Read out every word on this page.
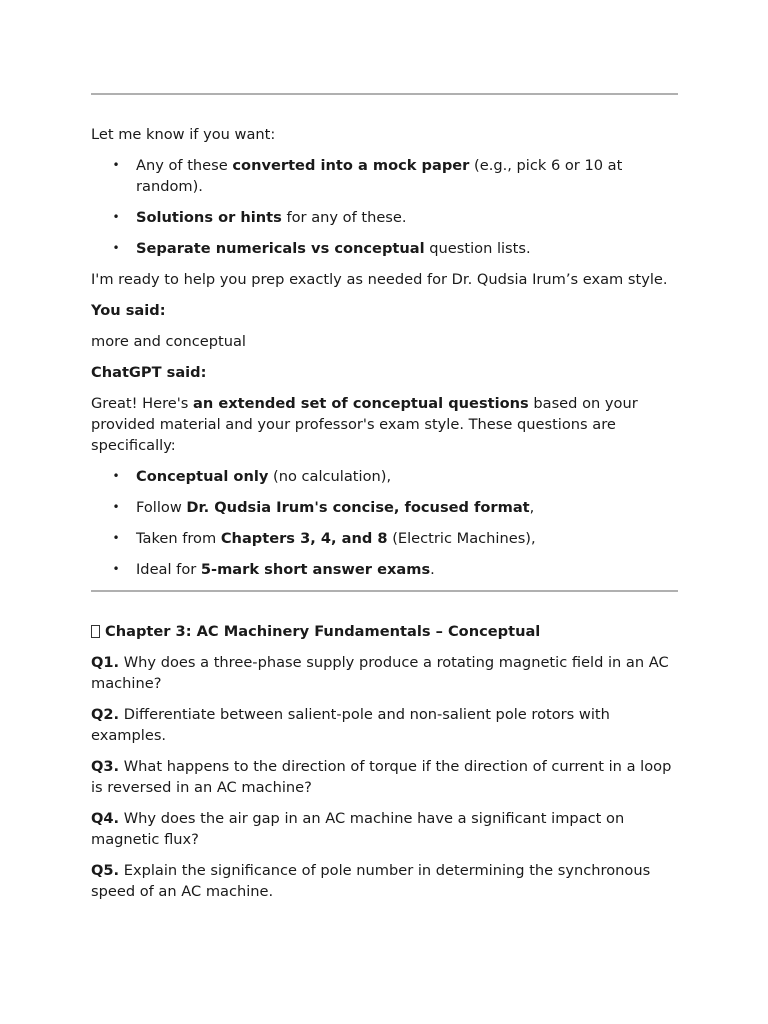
Let me know if you want:

• Any of these converted into a mock paper (e.g., pick 6 or 10 at random).
• Solutions or hints for any of these.
• Separate numericals vs conceptual question lists.

I'm ready to help you prep exactly as needed for Dr. Qudsia Irum’s exam style.

You said:

more and conceptual

ChatGPT said:

Great! Here's an extended set of conceptual questions based on your provided material and your professor's exam style. These questions are specifically:

• Conceptual only (no calculation),
• Follow Dr. Qudsia Irum's concise, focused format,
• Taken from Chapters 3, 4, and 8 (Electric Machines),
• Ideal for 5-mark short answer exams.

Chapter 3: AC Machinery Fundamentals – Conceptual

Q1. Why does a three-phase supply produce a rotating magnetic field in an AC machine?

Q2. Differentiate between salient-pole and non-salient pole rotors with examples.

Q3. What happens to the direction of torque if the direction of current in a loop is reversed in an AC machine?

Q4. Why does the air gap in an AC machine have a significant impact on magnetic flux?

Q5. Explain the significance of pole number in determining the synchronous speed of an AC machine.
